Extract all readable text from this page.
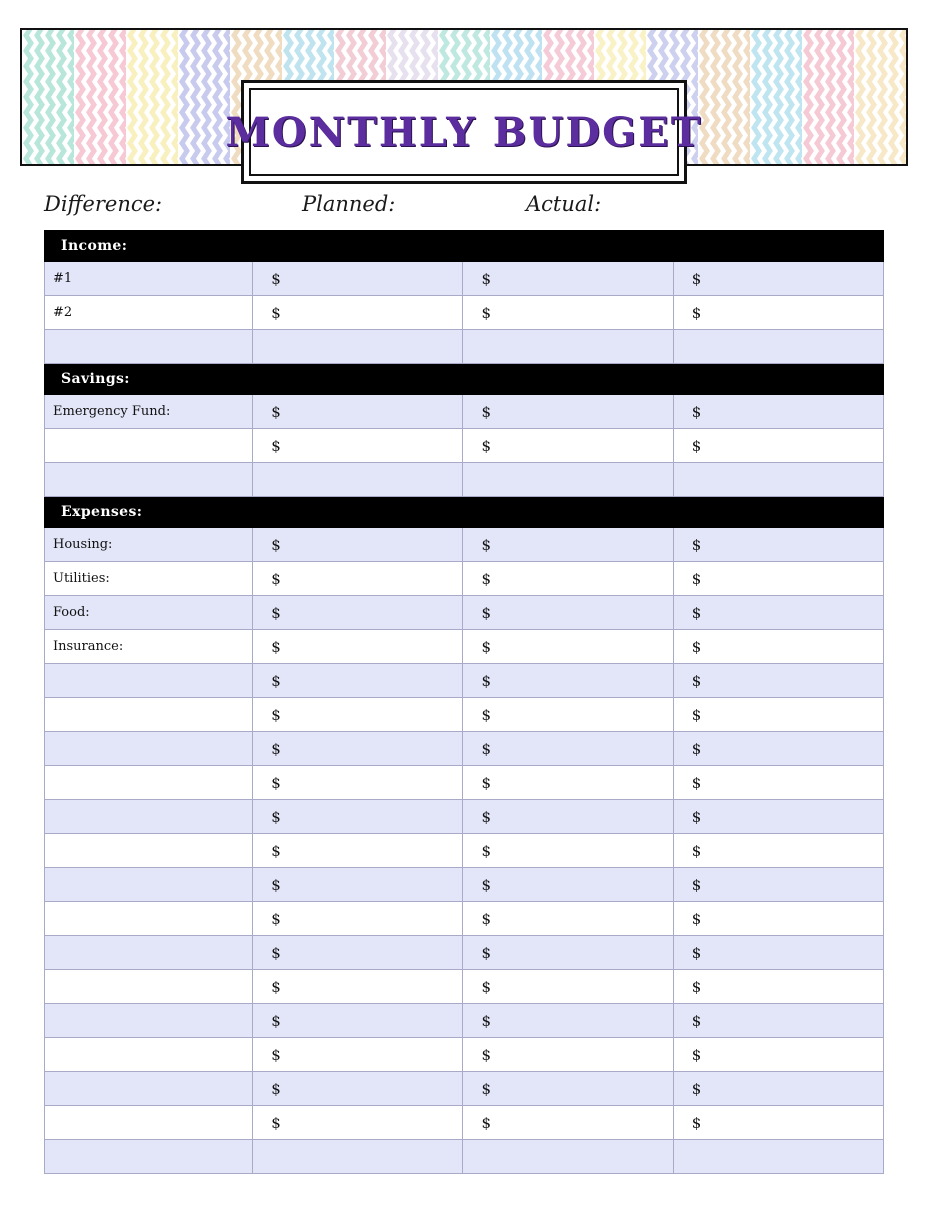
MONTHLY BUDGET
Planned:	Actual:
Difference:
Income:			
#1	$	$	$
#2	$	$	$

Savings:			
Emergency Fund:	$	$	$
	$	$	$

Expenses:			
Housing:	$	$	$
Utilities:	$	$	$
Food:	$	$	$
Insurance:	$	$	$
	$	$	$
	$	$	$
	$	$	$
	$	$	$
	$	$	$
	$	$	$
	$	$	$
	$	$	$
	$	$	$
	$	$	$
	$	$	$
	$	$	$
	$	$	$
	$	$	$
